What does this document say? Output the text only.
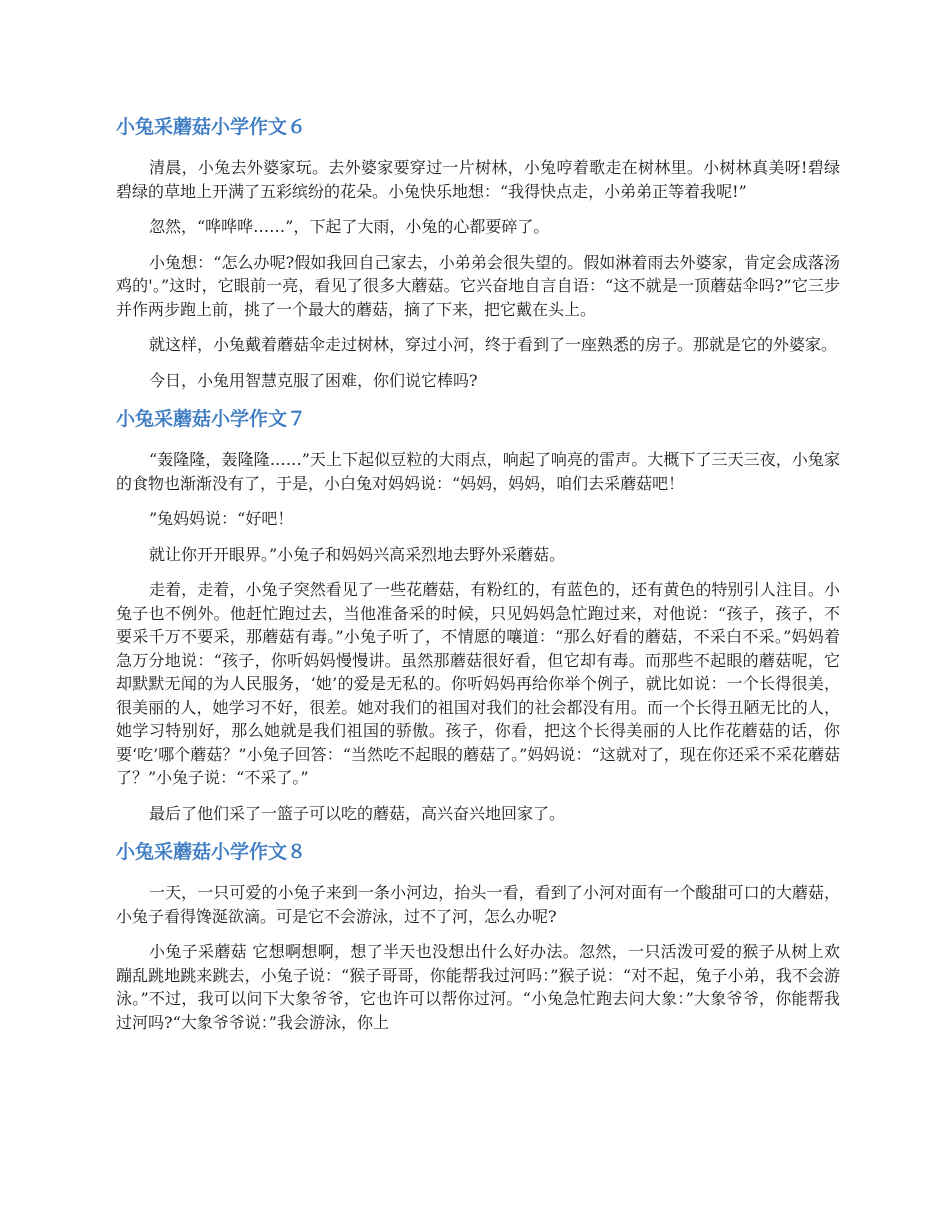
小兔采蘑菇小学作文６

清晨，小兔去外婆家玩。去外婆家要穿过一片树林，小兔哼着歌走在树林里。小树林真美呀!碧绿碧绿的草地上开满了五彩缤纷的花朵。小兔快乐地想：“我得快点走，小弟弟正等着我呢!”

忽然，“哗哗哗……”，下起了大雨，小兔的心都要碎了。

小兔想：“怎么办呢?假如我回自己家去，小弟弟会很失望的。假如淋着雨去外婆家，肯定会成落汤鸡的'。”这时，它眼前一亮，看见了很多大蘑菇。它兴奋地自言自语：“这不就是一顶蘑菇伞吗?”它三步并作两步跑上前，挑了一个最大的蘑菇，摘了下来，把它戴在头上。

就这样，小兔戴着蘑菇伞走过树林，穿过小河，终于看到了一座熟悉的房子。那就是它的外婆家。

今日，小兔用智慧克服了困难，你们说它棒吗?

小兔采蘑菇小学作文７

“轰隆隆，轰隆隆……”天上下起似豆粒的大雨点，响起了响亮的雷声。大概下了三天三夜，小兔家的食物也渐渐没有了，于是，小白兔对妈妈说：“妈妈，妈妈，咱们去采蘑菇吧！

”兔妈妈说：“好吧！

就让你开开眼界。”小兔子和妈妈兴高采烈地去野外采蘑菇。

走着，走着，小兔子突然看见了一些花蘑菇，有粉红的，有蓝色的，还有黄色的特别引人注目。小兔子也不例外。他赶忙跑过去，当他准备采的时候，只见妈妈急忙跑过来，对他说：“孩子，孩子，不要采千万不要采，那蘑菇有毒。”小兔子听了，不情愿的嚷道：“那么好看的蘑菇，不采白不采。”妈妈着急万分地说：“孩子，你听妈妈慢慢讲。虽然那蘑菇很好看，但它却有毒。而那些不起眼的蘑菇呢，它却默默无闻的为人民服务，‘她’的爱是无私的。你听妈妈再给你举个例子，就比如说：一个长得很美，很美丽的人，她学习不好，很差。她对我们的祖国对我们的社会都没有用。而一个长得丑陋无比的人，她学习特别好，那么她就是我们祖国的骄傲。孩子，你看，把这个长得美丽的人比作花蘑菇的话，你要‘吃’哪个蘑菇？”小兔子回答：“当然吃不起眼的蘑菇了。”妈妈说：“这就对了，现在你还采不采花蘑菇了？”小兔子说：“不采了。”

最后了他们采了一篮子可以吃的蘑菇，高兴奋兴地回家了。

小兔采蘑菇小学作文８

一天，一只可爱的小兔子来到一条小河边，抬头一看，看到了小河对面有一个酸甜可口的大蘑菇，小兔子看得馋涎欲滴。可是它不会游泳，过不了河，怎么办呢?

小兔子采蘑菇 它想啊想啊，想了半天也没想出什么好办法。忽然，一只活泼可爱的猴子从树上欢蹦乱跳地跳来跳去，小兔子说：“猴子哥哥，你能帮我过河吗：”猴子说：“对不起，兔子小弟，我不会游泳。”不过，我可以问下大象爷爷，它也许可以帮你过河。“小兔急忙跑去问大象：”大象爷爷，你能帮我过河吗?“大象爷爷说：”我会游泳，你上
